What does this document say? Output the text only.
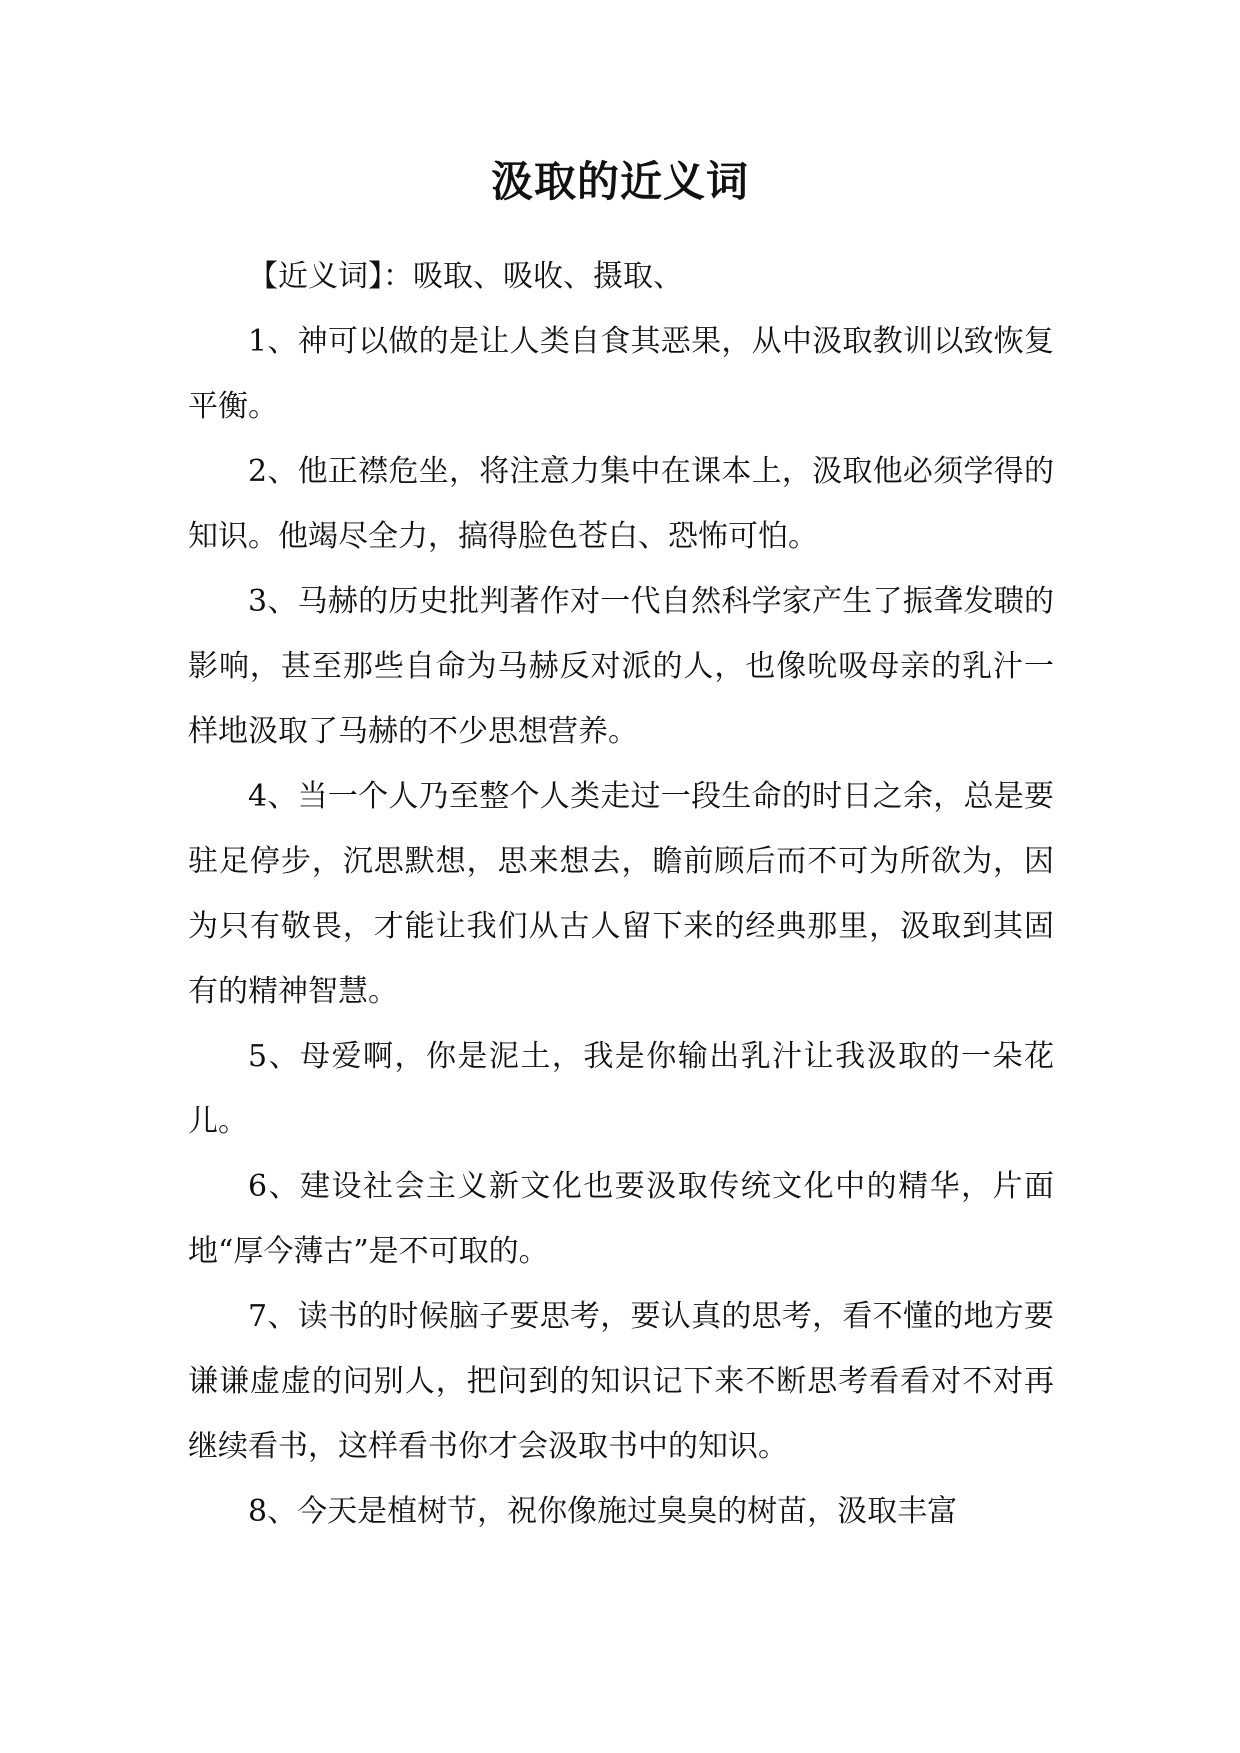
汲取的近义词

【近义词】：吸取、吸收、摄取、

1、神可以做的是让人类自食其恶果，从中汲取教训以致恢复平衡。

2、他正襟危坐，将注意力集中在课本上，汲取他必须学得的知识。他竭尽全力，搞得脸色苍白、恐怖可怕。

3、马赫的历史批判著作对一代自然科学家产生了振聋发聩的影响，甚至那些自命为马赫反对派的人，也像吮吸母亲的乳汁一样地汲取了马赫的不少思想营养。

4、当一个人乃至整个人类走过一段生命的时日之余，总是要驻足停步，沉思默想，思来想去，瞻前顾后而不可为所欲为，因为只有敬畏，才能让我们从古人留下来的经典那里，汲取到其固有的精神智慧。

5、母爱啊，你是泥土，我是你输出乳汁让我汲取的一朵花儿。

6、建设社会主义新文化也要汲取传统文化中的精华，片面地“厚今薄古”是不可取的。

7、读书的时候脑子要思考，要认真的思考，看不懂的地方要谦谦虚虚的问别人，把问到的知识记下来不断思考看看对不对再继续看书，这样看书你才会汲取书中的知识。

8、今天是植树节，祝你像施过臭臭的树苗，汲取丰富
